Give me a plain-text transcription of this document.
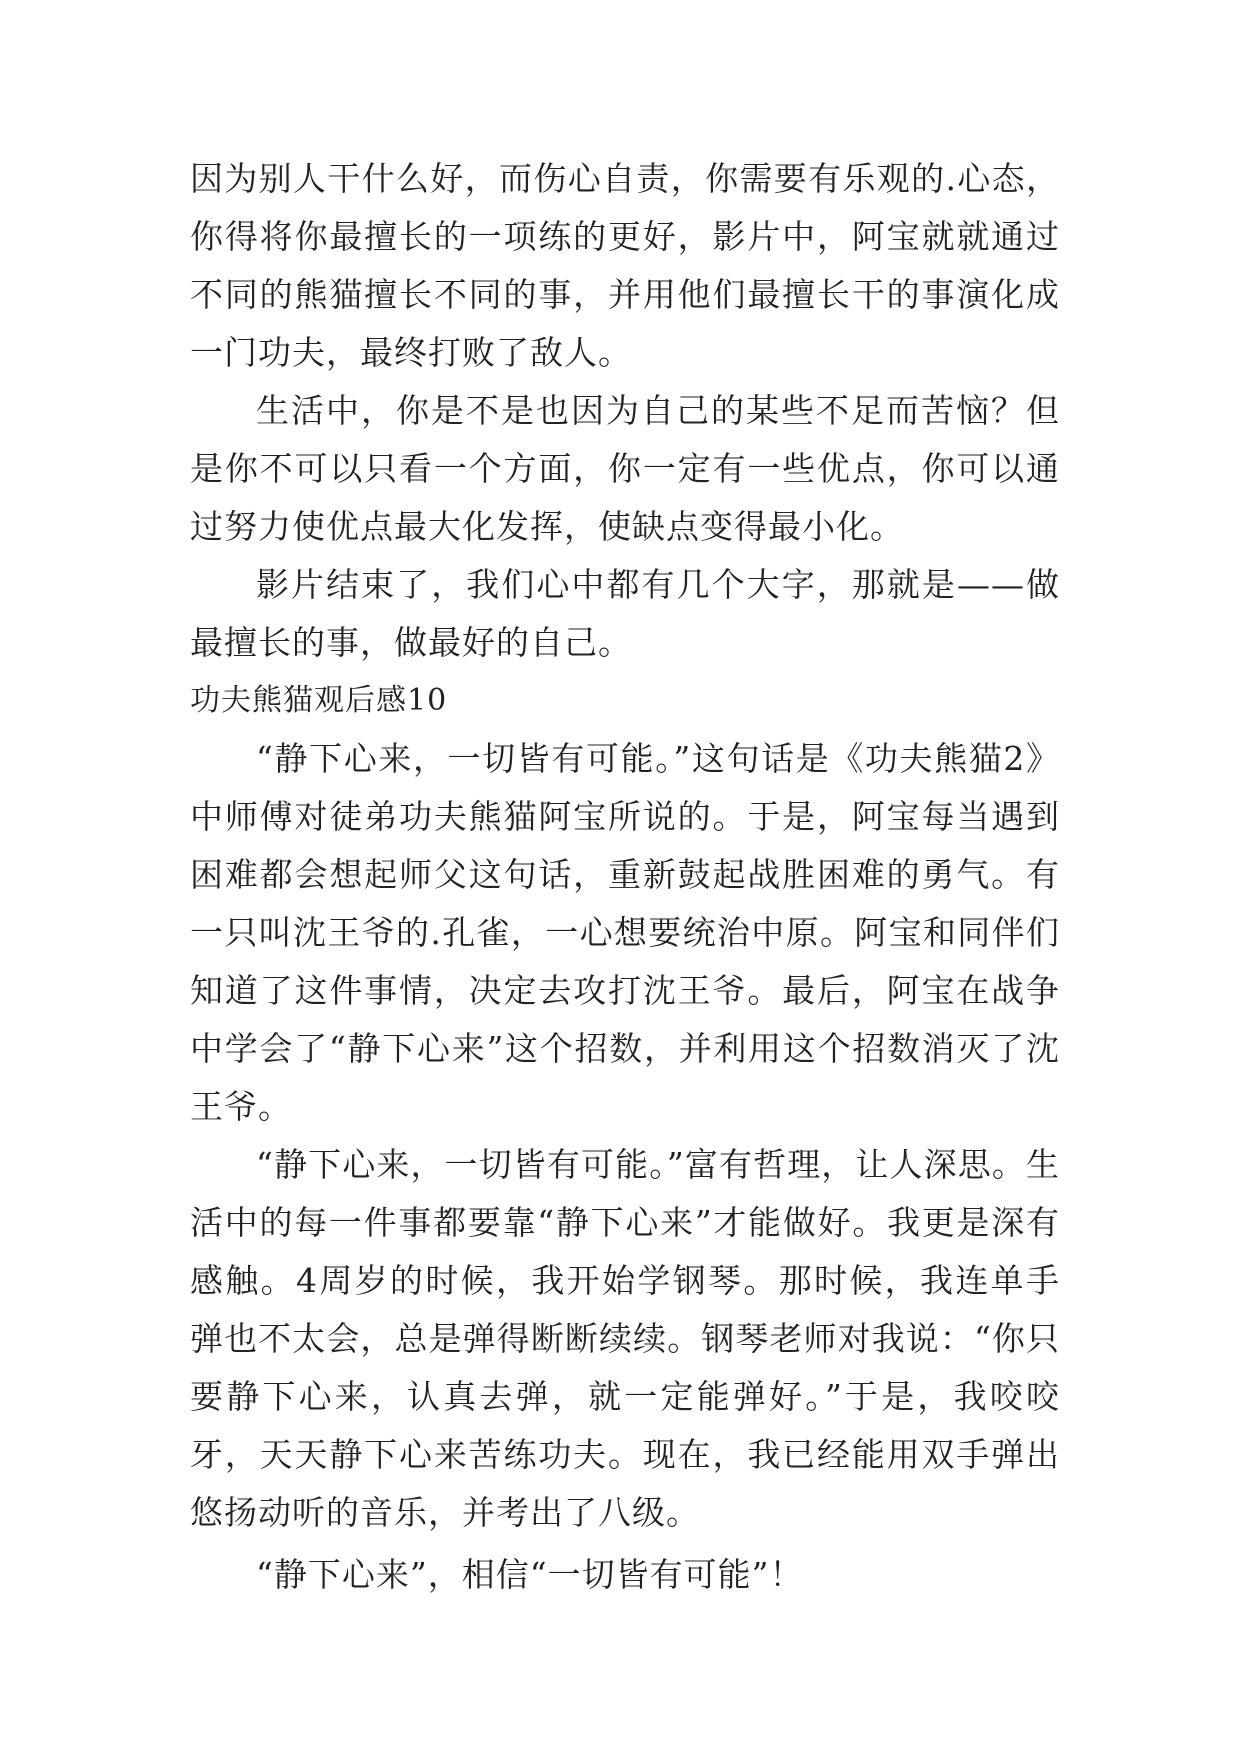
因为别人干什么好，而伤心自责，你需要有乐观的.心态，你得将你最擅长的一项练的更好，影片中，阿宝就就通过不同的熊猫擅长不同的事，并用他们最擅长干的事演化成一门功夫，最终打败了敌人。

生活中，你是不是也因为自己的某些不足而苦恼？但是你不可以只看一个方面，你一定有一些优点，你可以通过努力使优点最大化发挥，使缺点变得最小化。

影片结束了，我们心中都有几个大字，那就是——做最擅长的事，做最好的自己。

功夫熊猫观后感10

“静下心来，一切皆有可能。”这句话是《功夫熊猫2》中师傅对徒弟功夫熊猫阿宝所说的。于是，阿宝每当遇到困难都会想起师父这句话，重新鼓起战胜困难的勇气。有一只叫沈王爷的.孔雀，一心想要统治中原。阿宝和同伴们知道了这件事情，决定去攻打沈王爷。最后，阿宝在战争中学会了“静下心来”这个招数，并利用这个招数消灭了沈王爷。

“静下心来，一切皆有可能。”富有哲理，让人深思。生活中的每一件事都要靠“静下心来”才能做好。我更是深有感触。4周岁的时候，我开始学钢琴。那时候，我连单手弹也不太会，总是弹得断断续续。钢琴老师对我说：“你只要静下心来，认真去弹，就一定能弹好。”于是，我咬咬牙，天天静下心来苦练功夫。现在，我已经能用双手弹出悠扬动听的音乐，并考出了八级。

“静下心来”，相信“一切皆有可能”！
